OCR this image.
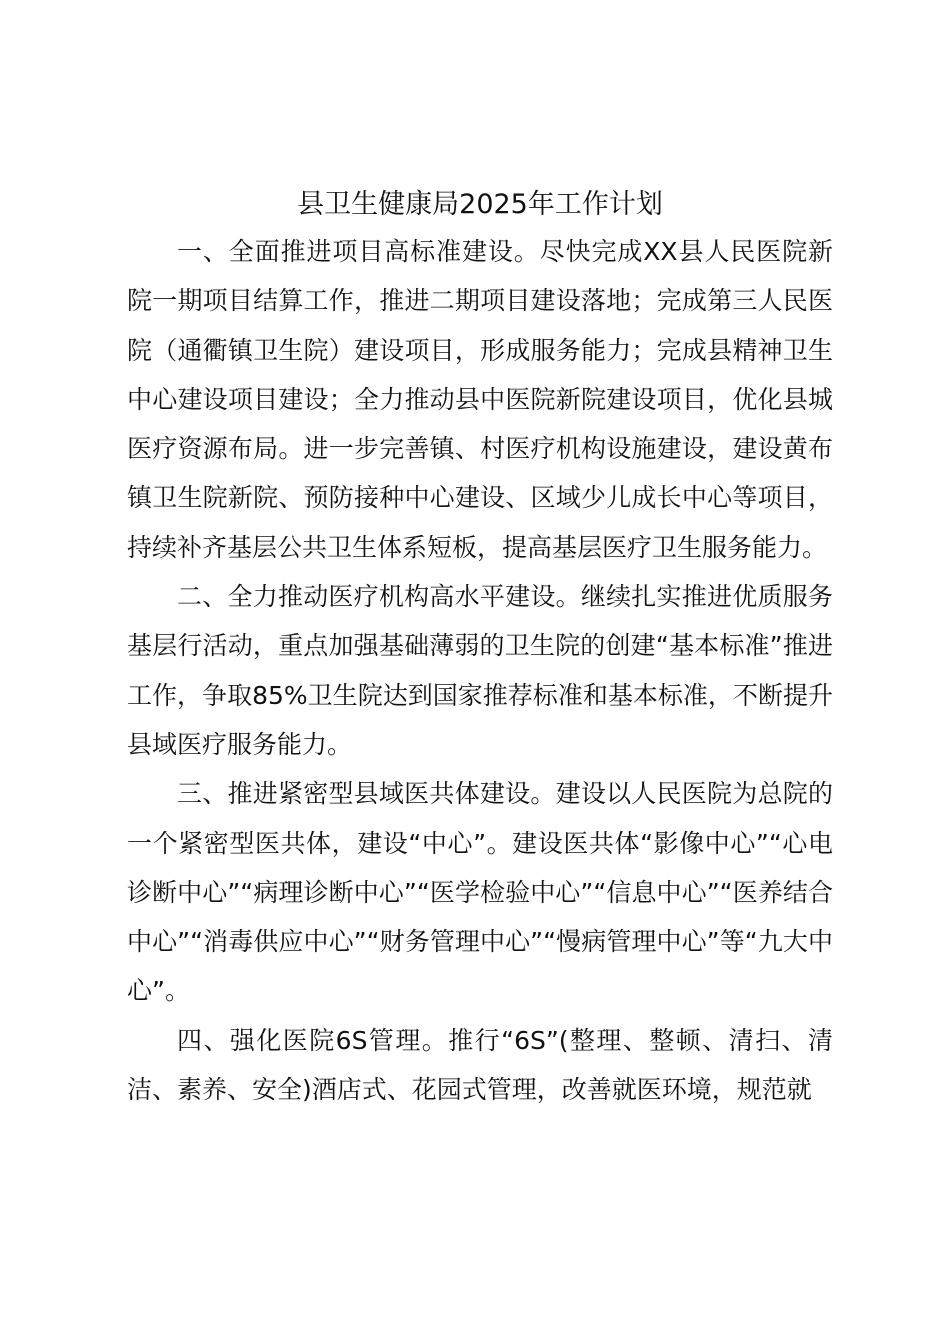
县卫生健康局2025年工作计划

一、全面推进项目高标准建设。尽快完成XX县人民医院新院一期项目结算工作，推进二期项目建设落地；完成第三人民医院（通衢镇卫生院）建设项目，形成服务能力；完成县精神卫生中心建设项目建设；全力推动县中医院新院建设项目，优化县城医疗资源布局。进一步完善镇、村医疗机构设施建设，建设黄布镇卫生院新院、预防接种中心建设、区域少儿成长中心等项目，持续补齐基层公共卫生体系短板，提高基层医疗卫生服务能力。

二、全力推动医疗机构高水平建设。继续扎实推进优质服务基层行活动，重点加强基础薄弱的卫生院的创建“基本标准”推进工作，争取85%卫生院达到国家推荐标准和基本标准，不断提升县域医疗服务能力。

三、推进紧密型县域医共体建设。建设以人民医院为总院的一个紧密型医共体，建设“中心”。建设医共体“影像中心”“心电诊断中心”“病理诊断中心”“医学检验中心”“信息中心”“医养结合中心”“消毒供应中心”“财务管理中心”“慢病管理中心”等“九大中心”。

四、强化医院6S管理。推行“6S”(整理、整顿、清扫、清洁、素养、安全)酒店式、花园式管理，改善就医环境，规范就
